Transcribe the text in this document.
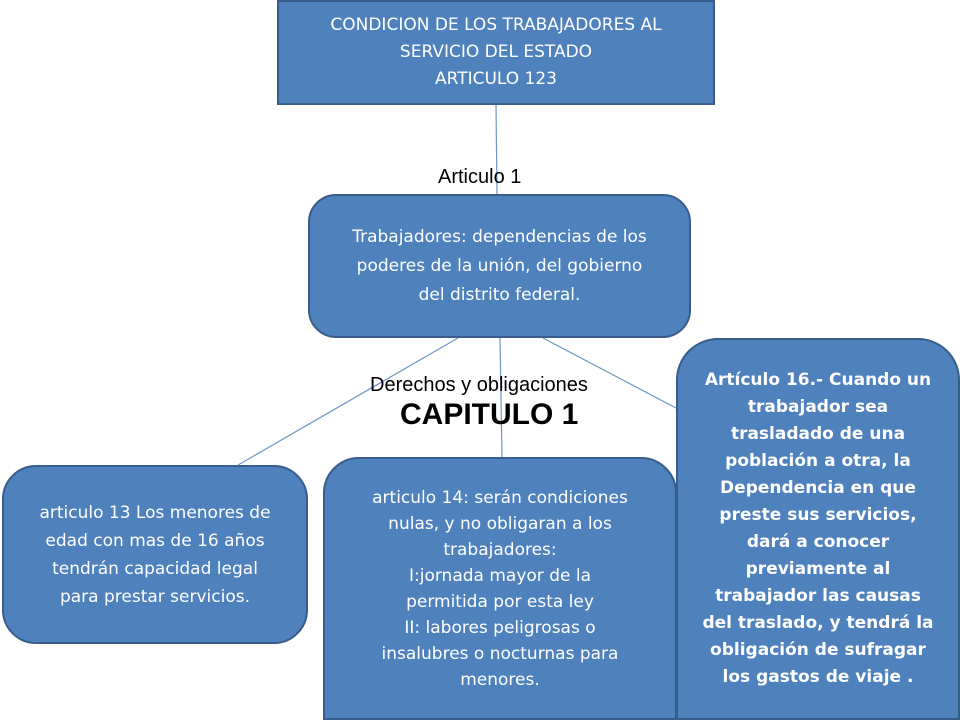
CONDICION DE LOS TRABAJADORES AL
SERVICIO DEL ESTADO
ARTICULO 123
Articulo 1
Trabajadores: dependencias de los
poderes de la unión, del gobierno
del distrito federal.
articulo 13 Los menores de
edad con mas de 16 años
tendrán capacidad legal
para prestar servicios.
articulo 14: serán condiciones
nulas, y no obligaran a los
trabajadores:
I:jornada mayor de la
permitida por esta ley
II: labores peligrosas o
insalubres o nocturnas para
menores.
Artículo 16.- Cuando un
trabajador sea
trasladado de una
población a otra, la
Dependencia en que
preste sus servicios,
dará a conocer
previamente al
trabajador las causas
del traslado, y tendrá la
obligación de sufragar
los gastos de viaje .
Derechos y obligaciones
CAPITULO 1
